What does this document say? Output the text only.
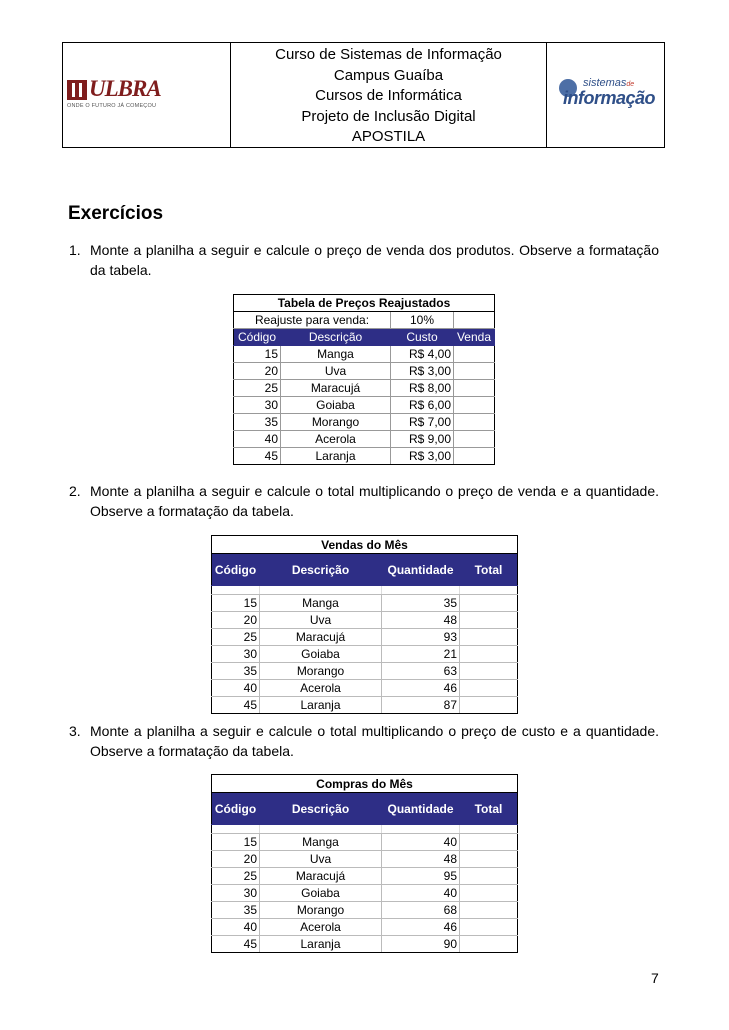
ULBRA
ONDE O FUTURO JÁ COMEÇOU
Curso de Sistemas de Informação
Campus Guaíba
Cursos de Informática
Projeto de Inclusão Digital
APOSTILA
sistemasde
informação
Exercícios
1. Monte a planilha a seguir e calcule o preço de venda dos produtos. Observe a formatação da tabela.
Tabela de Preços Reajustados			
Reajuste para venda:		10%	
Código	Descrição	Custo	Venda
15	Manga	R$ 4,00	
20	Uva	R$ 3,00	
25	Maracujá	R$ 8,00	
30	Goiaba	R$ 6,00	
35	Morango	R$ 7,00	
40	Acerola	R$ 9,00	
45	Laranja	R$ 3,00	
2. Monte a planilha a seguir e calcule o total multiplicando o preço de venda e a quantidade. Observe a formatação da tabela.
Vendas do Mês			
Código	Descrição	Quantidade	Total

15	Manga	35	
20	Uva	48	
25	Maracujá	93	
30	Goiaba	21	
35	Morango	63	
40	Acerola	46	
45	Laranja	87	
3. Monte a planilha a seguir e calcule o total multiplicando o preço de custo e a quantidade. Observe a formatação da tabela.
Compras do Mês			
Código	Descrição	Quantidade	Total

15	Manga	40	
20	Uva	48	
25	Maracujá	95	
30	Goiaba	40	
35	Morango	68	
40	Acerola	46	
45	Laranja	90	
7
